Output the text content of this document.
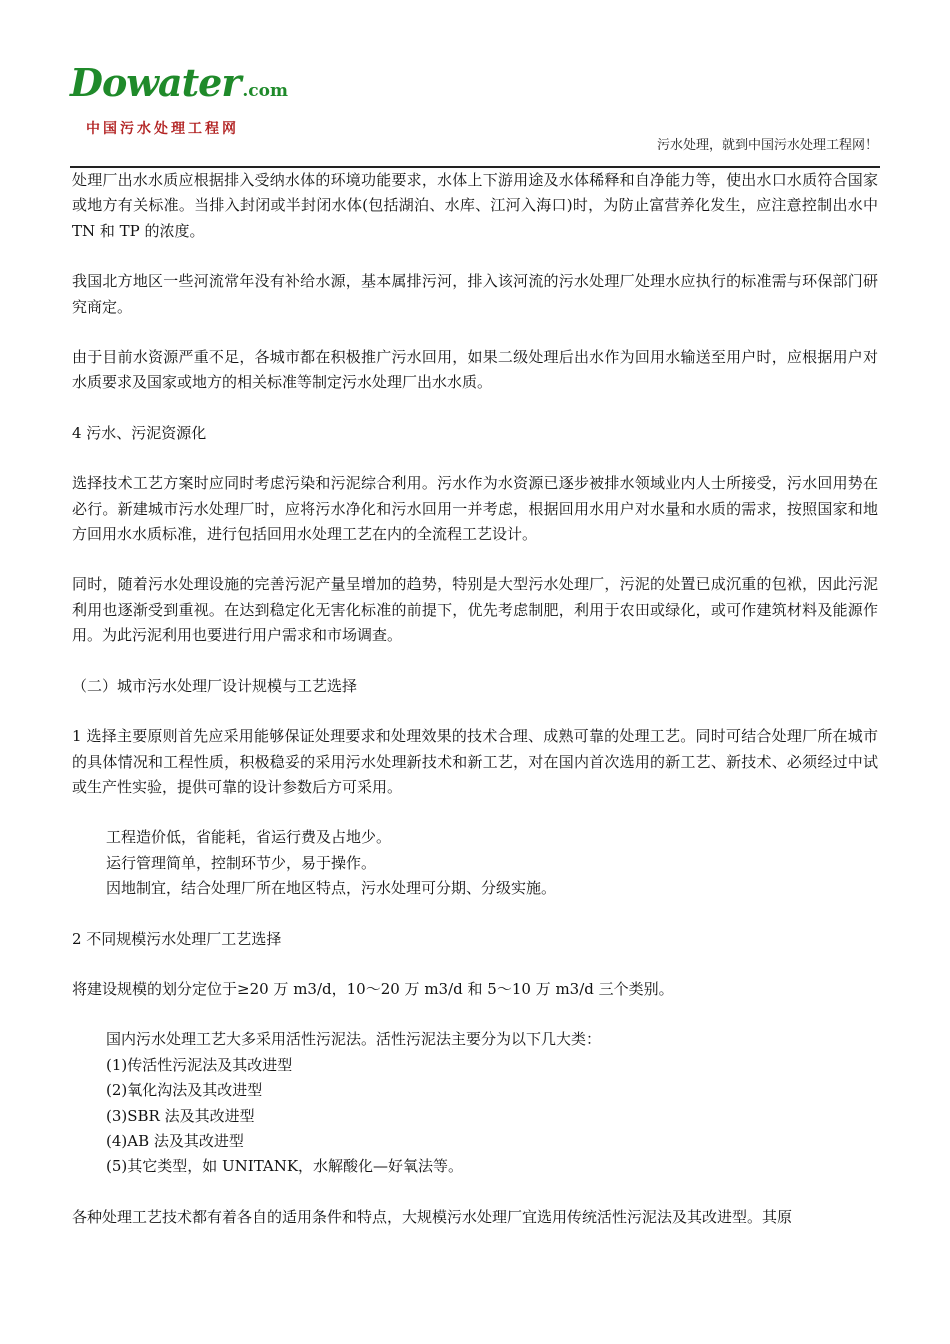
Dowater .com
中国污水处理工程网
污水处理，就到中国污水处理工程网！

处理厂出水水质应根据排入受纳水体的环境功能要求，水体上下游用途及水体稀释和自净能力等，使出水口水质符合国家或地方有关标准。当排入封闭或半封闭水体(包括湖泊、水库、江河入海口)时，为防止富营养化发生，应注意控制出水中 TN 和 TP 的浓度。

我国北方地区一些河流常年没有补给水源，基本属排污河，排入该河流的污水处理厂处理水应执行的标准需与环保部门研究商定。

由于目前水资源严重不足，各城市都在积极推广污水回用，如果二级处理后出水作为回用水输送至用户时，应根据用户对水质要求及国家或地方的相关标准等制定污水处理厂出水水质。

4 污水、污泥资源化

选择技术工艺方案时应同时考虑污染和污泥综合利用。污水作为水资源已逐步被排水领域业内人士所接受，污水回用势在必行。新建城市污水处理厂时，应将污水净化和污水回用一并考虑，根据回用水用户对水量和水质的需求，按照国家和地方回用水水质标准，进行包括回用水处理工艺在内的全流程工艺设计。

同时，随着污水处理设施的完善污泥产量呈增加的趋势，特别是大型污水处理厂，污泥的处置已成沉重的包袱，因此污泥利用也逐渐受到重视。在达到稳定化无害化标准的前提下，优先考虑制肥，利用于农田或绿化，或可作建筑材料及能源作用。为此污泥利用也要进行用户需求和市场调查。

（二）城市污水处理厂设计规模与工艺选择

1 选择主要原则首先应采用能够保证处理要求和处理效果的技术合理、成熟可靠的处理工艺。同时可结合处理厂所在城市的具体情况和工程性质，积极稳妥的采用污水处理新技术和新工艺，对在国内首次选用的新工艺、新技术、必须经过中试或生产性实验，提供可靠的设计参数后方可采用。

工程造价低，省能耗，省运行费及占地少。
运行管理简单，控制环节少，易于操作。
因地制宜，结合处理厂所在地区特点，污水处理可分期、分级实施。

2 不同规模污水处理厂工艺选择

将建设规模的划分定位于≥20 万 m3/d，10～20 万 m3/d 和 5～10 万 m3/d 三个类别。

国内污水处理工艺大多采用活性污泥法。活性污泥法主要分为以下几大类：
(1)传活性污泥法及其改进型
(2)氧化沟法及其改进型
(3)SBR 法及其改进型
(4)AB 法及其改进型
(5)其它类型，如 UNITANK，水解酸化—好氧法等。

各种处理工艺技术都有着各自的适用条件和特点，大规模污水处理厂宜选用传统活性污泥法及其改进型。其原
